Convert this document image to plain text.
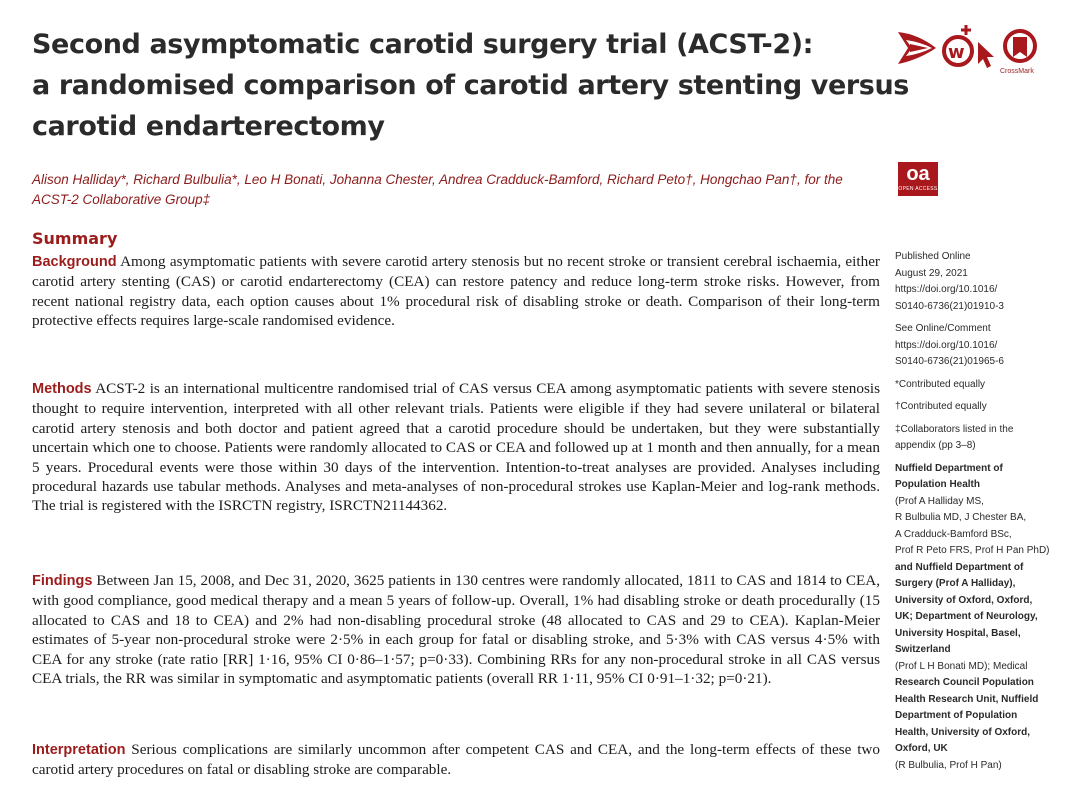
Second asymptomatic carotid surgery trial (ACST-2):
a randomised comparison of carotid artery stenting versus
carotid endarterectomy
w
CrossMark

Alison Halliday*, Richard Bulbulia*, Leo H Bonati, Johanna Chester, Andrea Cradduck-Bamford, Richard Peto†, Hongchao Pan†, for the ACST-2 Collaborative Group‡

oa
OPEN ACCESS
Summary

Background Among asymptomatic patients with severe carotid artery stenosis but no recent stroke or transient cerebral ischaemia, either carotid artery stenting (CAS) or carotid endarterectomy (CEA) can restore patency and reduce long-term stroke risks. However, from recent national registry data, each option causes about 1% procedural risk of disabling stroke or death. Comparison of their long-term protective effects requires large-scale randomised evidence.

Methods ACST-2 is an international multicentre randomised trial of CAS versus CEA among asymptomatic patients with severe stenosis thought to require intervention, interpreted with all other relevant trials. Patients were eligible if they had severe unilateral or bilateral carotid artery stenosis and both doctor and patient agreed that a carotid procedure should be undertaken, but they were substantially uncertain which one to choose. Patients were randomly allocated to CAS or CEA and followed up at 1 month and then annually, for a mean 5 years. Procedural events were those within 30 days of the intervention. Intention-to-treat analyses are provided. Analyses including procedural hazards use tabular methods. Analyses and meta-analyses of non-procedural strokes use Kaplan-Meier and log-rank methods. The trial is registered with the ISRCTN registry, ISRCTN21144362.

Findings Between Jan 15, 2008, and Dec 31, 2020, 3625 patients in 130 centres were randomly allocated, 1811 to CAS and 1814 to CEA, with good compliance, good medical therapy and a mean 5 years of follow-up. Overall, 1% had disabling stroke or death procedurally (15 allocated to CAS and 18 to CEA) and 2% had non-disabling procedural stroke (48 allocated to CAS and 29 to CEA). Kaplan-Meier estimates of 5-year non-procedural stroke were 2·5% in each group for fatal or disabling stroke, and 5·3% with CAS versus 4·5% with CEA for any stroke (rate ratio [RR] 1·16, 95% CI 0·86–1·57; p=0·33). Combining RRs for any non-procedural stroke in all CAS versus CEA trials, the RR was similar in symptomatic and asymptomatic patients (overall RR 1·11, 95% CI 0·91–1·32; p=0·21).

Interpretation Serious complications are similarly uncommon after competent CAS and CEA, and the long-term effects of these two carotid artery procedures on fatal or disabling stroke are comparable.

Published Online

August 29, 2021

https://doi.org/10.1016/

S0140-6736(21)01910-3

See Online/Comment

https://doi.org/10.1016/

S0140-6736(21)01965-6

*Contributed equally

†Contributed equally

‡Collaborators listed in the

appendix (pp 3–8)

Nuffield Department of

Population Health

(Prof A Halliday MS,

R Bulbulia MD, J Chester BA,

A Cradduck-Bamford BSc,

Prof R Peto FRS, Prof H Pan PhD)

and Nuffield Department of

Surgery (Prof A Halliday),

University of Oxford, Oxford,

UK; Department of Neurology,

University Hospital, Basel,

Switzerland

(Prof L H Bonati MD); Medical

Research Council Population

Health Research Unit, Nuffield

Department of Population

Health, University of Oxford,

Oxford, UK

(R Bulbulia, Prof H Pan)
